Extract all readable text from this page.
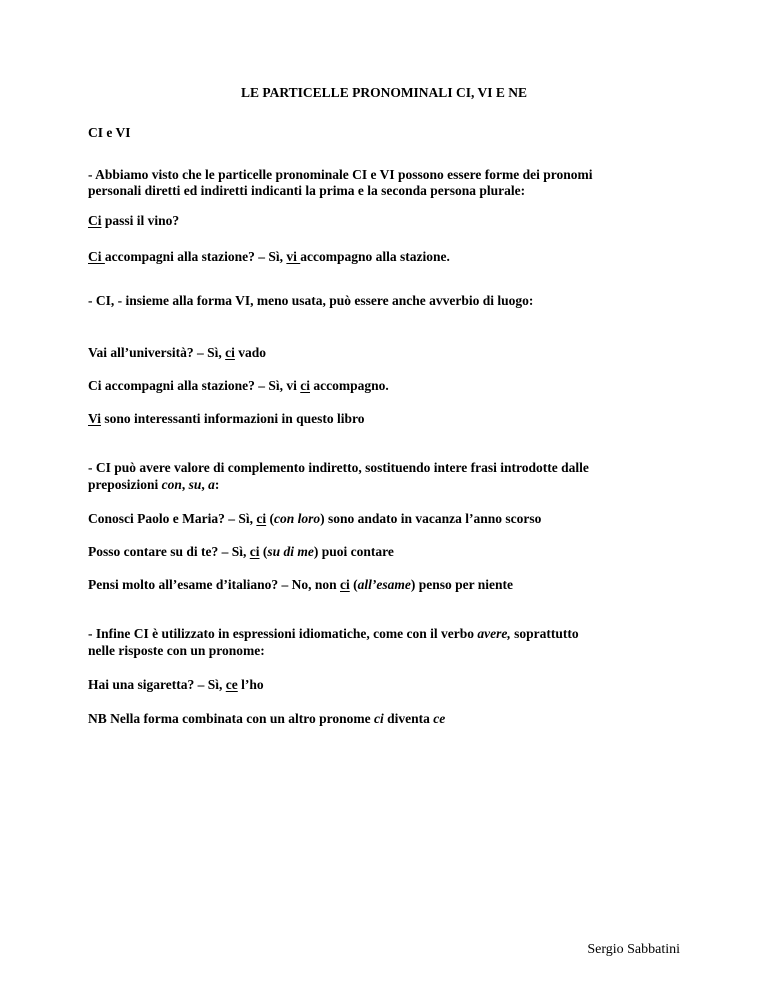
LE PARTICELLE PRONOMINALI CI, VI E NE
CI e VI
- Abbiamo visto che le particelle pronominale CI e VI possono essere forme dei pronomi
personali diretti ed indiretti indicanti la prima e la seconda persona plurale:
Ci passi il vino?
Ci accompagni alla stazione? – Sì, vi accompagno alla stazione.
- CI, - insieme alla forma VI, meno usata, può essere anche avverbio di luogo:
Vai all’università? – Sì, ci vado
Ci accompagni alla stazione? – Sì, vi ci accompagno.
Vi sono interessanti informazioni in questo libro
- CI può avere valore di complemento indiretto, sostituendo intere frasi introdotte dalle
preposizioni con, su, a:
Conosci Paolo e Maria? – Sì, ci (con loro) sono andato in vacanza l’anno scorso
Posso contare su di te? – Sì, ci (su di me) puoi contare
Pensi molto all’esame d’italiano? – No, non ci (all’esame) penso per niente
- Infine CI è utilizzato in espressioni idiomatiche, come con il verbo avere, soprattutto
nelle risposte con un pronome:
Hai una sigaretta? – Sì, ce l’ho
NB Nella forma combinata con un altro pronome ci diventa ce
Sergio Sabbatini
